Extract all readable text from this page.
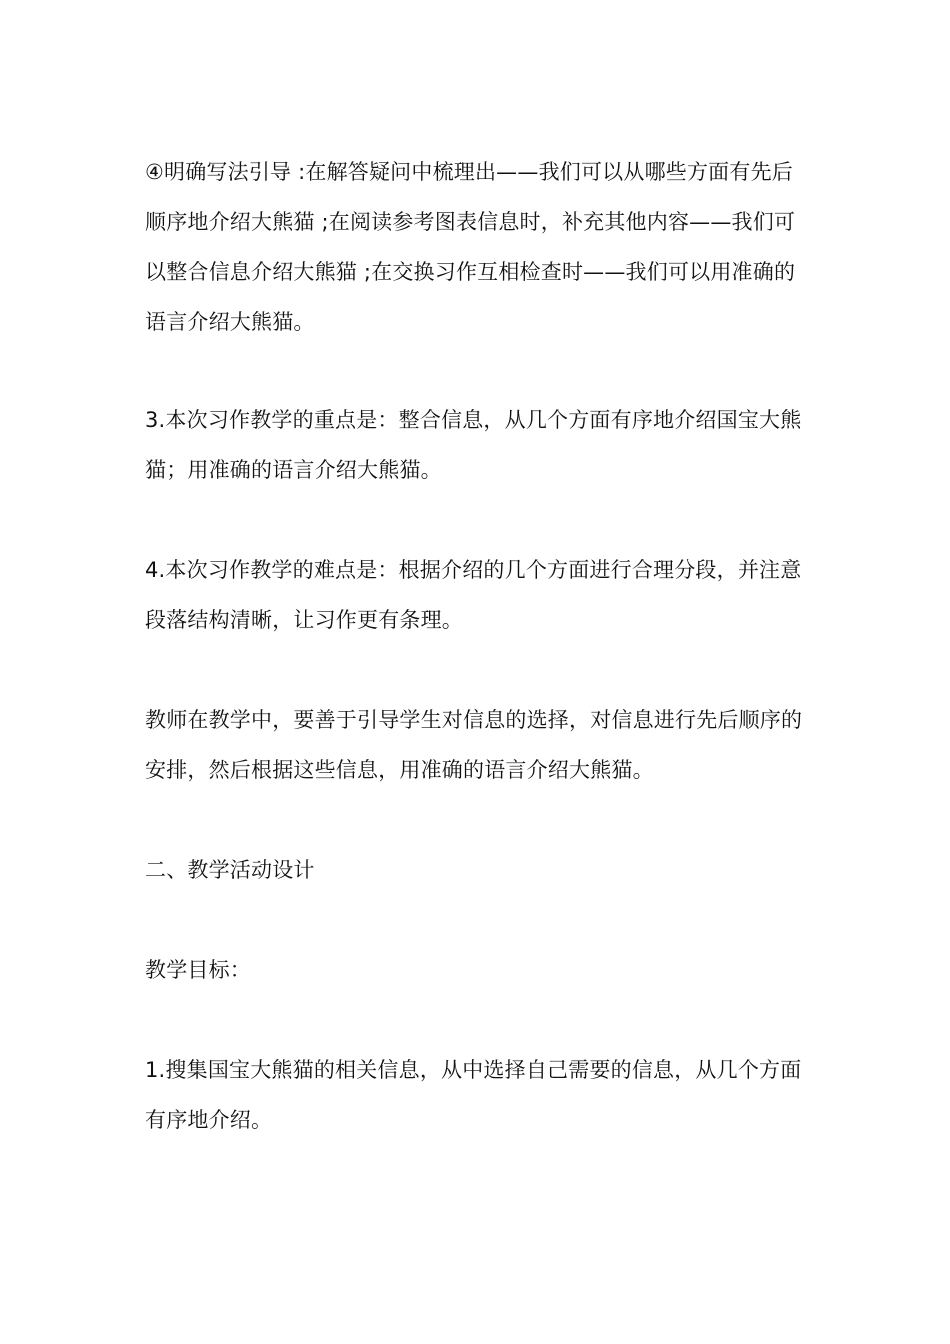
④明确写法引导 :在解答疑问中梳理出——我们可以从哪些方面有先后顺序地介绍大熊猫 ;在阅读参考图表信息时，补充其他内容——我们可以整合信息介绍大熊猫 ;在交换习作互相检查时——我们可以用准确的语言介绍大熊猫。

3.本次习作教学的重点是：整合信息，从几个方面有序地介绍国宝大熊猫；用准确的语言介绍大熊猫。

4.本次习作教学的难点是：根据介绍的几个方面进行合理分段，并注意段落结构清晰，让习作更有条理。

教师在教学中，要善于引导学生对信息的选择，对信息进行先后顺序的安排，然后根据这些信息，用准确的语言介绍大熊猫。

二、教学活动设计

教学目标：

1.搜集国宝大熊猫的相关信息，从中选择自己需要的信息，从几个方面有序地介绍。
